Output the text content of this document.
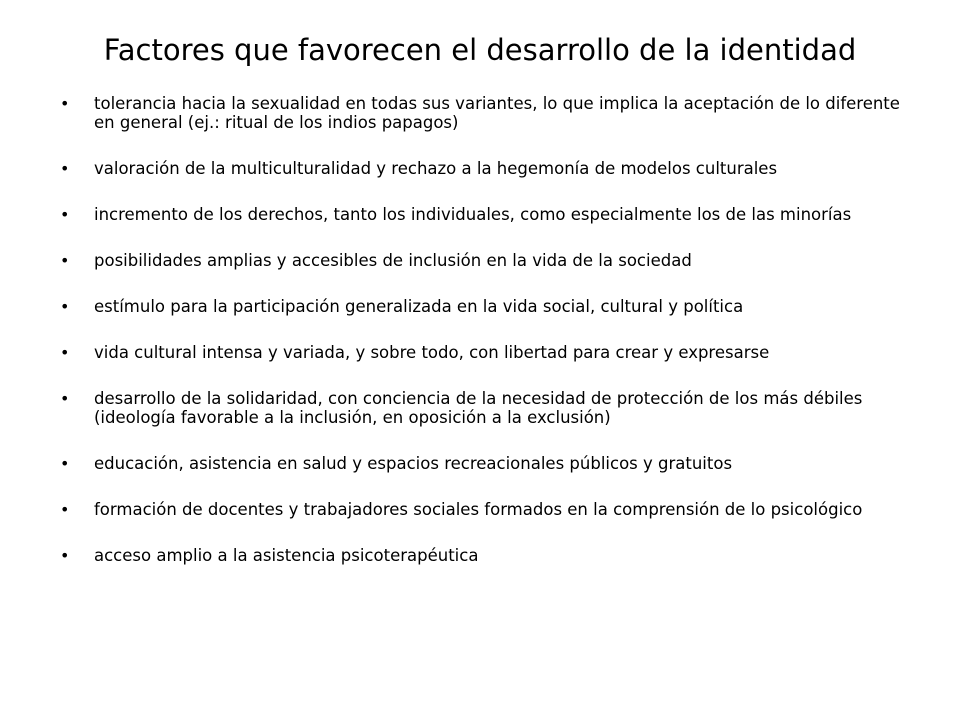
Factores que favorecen el desarrollo de la identidad
• tolerancia hacia la sexualidad en todas sus variantes, lo que implica la aceptación de lo diferente en general (ej.: ritual de los indios papagos)
• valoración de la multiculturalidad y rechazo a la hegemonía de modelos culturales
• incremento de los derechos, tanto los individuales, como especialmente los de las minorías
• posibilidades amplias y accesibles de inclusión en la vida de la sociedad
• estímulo para la participación generalizada en la vida social, cultural y política
• vida cultural intensa y variada, y sobre todo, con libertad para crear y expresarse
• desarrollo de la solidaridad, con conciencia de la necesidad de protección de los más débiles (ideología favorable a la inclusión, en oposición a la exclusión)
• educación, asistencia en salud y espacios recreacionales públicos y gratuitos
• formación de docentes y trabajadores sociales formados en la comprensión de lo psicológico
• acceso amplio a la asistencia psicoterapéutica
